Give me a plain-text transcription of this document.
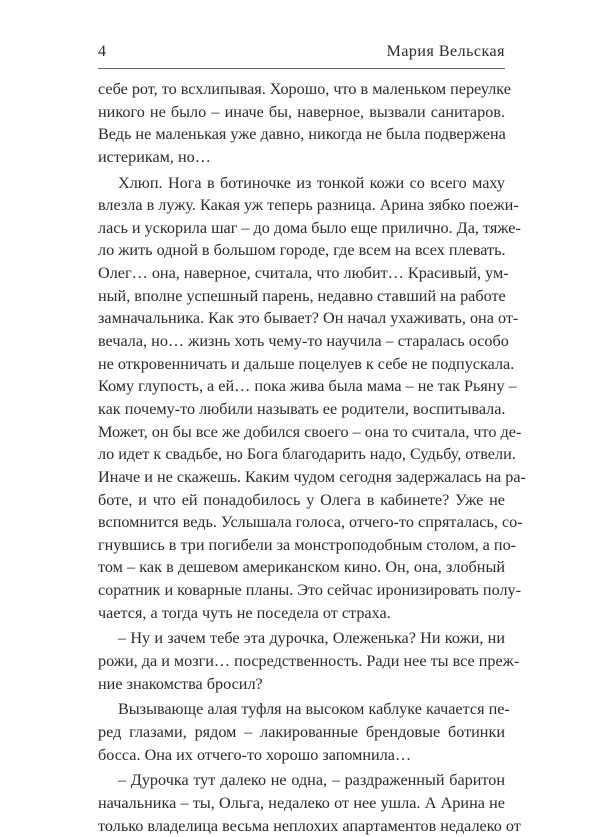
4	Мария Вельская
себе рот, то всхлипывая. Хорошо, что в маленьком переулке
никого не было – иначе бы, наверное, вызвали санитаров.
Ведь не маленькая уже давно, никогда не была подвержена
истерикам, но…
Хлюп. Нога в ботиночке из тонкой кожи со всего маху
влезла в лужу. Какая уж теперь разница. Арина зябко поежи-
лась и ускорила шаг – до дома было еще прилично. Да, тяже-
ло жить одной в большом городе, где всем на всех плевать.
Олег… она, наверное, считала, что любит… Красивый, ум-
ный, вполне успешный парень, недавно ставший на работе
замначальника. Как это бывает? Он начал ухаживать, она от-
вечала, но… жизнь хоть чему-то научила – старалась особо
не откровенничать и дальше поцелуев к себе не подпускала.
Кому глупость, а ей… пока жива была мама – не так Рьяну –
как почему-то любили называть ее родители, воспитывала.
Может, он бы все же добился своего – она то считала, что де-
ло идет к свадьбе, но Бога благодарить надо, Судьбу, отвели.
Иначе и не скажешь. Каким чудом сегодня задержалась на ра-
боте, и что ей понадобилось у Олега в кабинете? Уже не
вспомнится ведь. Услышала голоса, отчего-то спряталась, со-
гнувшись в три погибели за монстроподобным столом, а по-
том – как в дешевом американском кино. Он, она, злобный
соратник и коварные планы. Это сейчас иронизировать полу-
чается, а тогда чуть не поседела от страха.
– Ну и зачем тебе эта дурочка, Олеженька? Ни кожи, ни
рожи, да и мозги… посредственность. Ради нее ты все преж-
ние знакомства бросил?
Вызывающе алая туфля на высоком каблуке качается пе-
ред глазами, рядом – лакированные брендовые ботинки
босса. Она их отчего-то хорошо запомнила…
– Дурочка тут далеко не одна, – раздраженный баритон
начальника – ты, Ольга, недалеко от нее ушла. А Арина не
только владелица весьма неплохих апартаментов недалеко от
